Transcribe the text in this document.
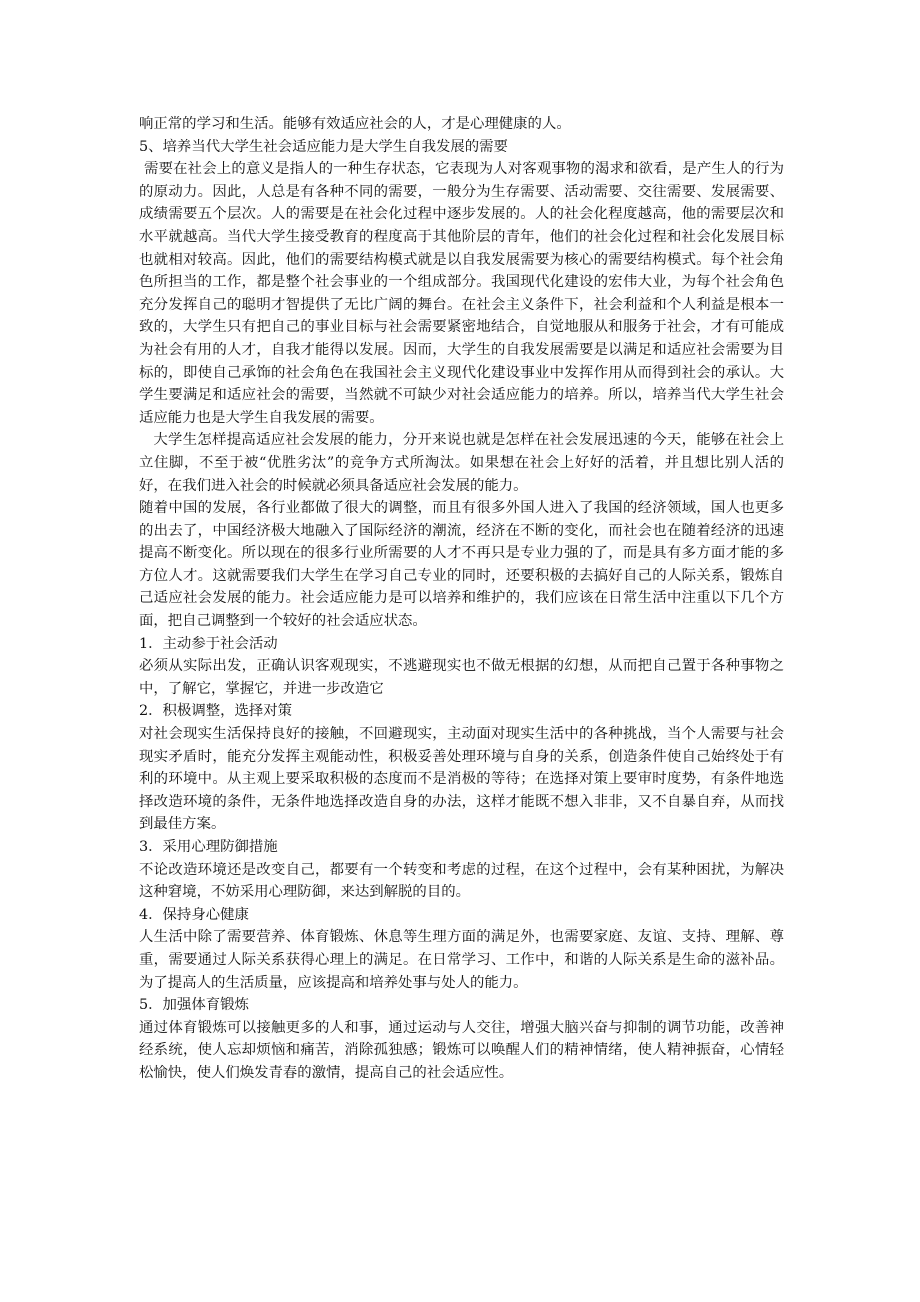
响正常的学习和生活。能够有效适应社会的人，才是心理健康的人。

5、培养当代大学生社会适应能力是大学生自我发展的需要

需要在社会上的意义是指人的一种生存状态，它表现为人对客观事物的渴求和欲看，是产生人的行为的原动力。因此，人总是有各种不同的需要，一般分为生存需要、活动需要、交往需要、发展需要、成绩需要五个层次。人的需要是在社会化过程中逐步发展的。人的社会化程度越高，他的需要层次和水平就越高。当代大学生接受教育的程度高于其他阶层的青年，他们的社会化过程和社会化发展目标也就相对较高。因此，他们的需要结构模式就是以自我发展需要为核心的需要结构模式。每个社会角色所担当的工作，都是整个社会事业的一个组成部分。我国现代化建设的宏伟大业，为每个社会角色充分发挥自己的聪明才智提供了无比广阔的舞台。在社会主义条件下，社会利益和个人利益是根本一致的，大学生只有把自己的事业目标与社会需要紧密地结合，自觉地服从和服务于社会，才有可能成为社会有用的人才，自我才能得以发展。因而，大学生的自我发展需要是以满足和适应社会需要为目标的，即使自己承饰的社会角色在我国社会主义现代化建设事业中发挥作用从而得到社会的承认。大学生要满足和适应社会的需要，当然就不可缺少对社会适应能力的培养。所以，培养当代大学生社会适应能力也是大学生自我发展的需要。

大学生怎样提高适应社会发展的能力，分开来说也就是怎样在社会发展迅速的今天，能够在社会上立住脚，不至于被“优胜劣汰”的竞争方式所淘汰。如果想在社会上好好的活着，并且想比别人活的好，在我们进入社会的时候就必须具备适应社会发展的能力。

随着中国的发展，各行业都做了很大的调整，而且有很多外国人进入了我国的经济领域，国人也更多的出去了，中国经济极大地融入了国际经济的潮流，经济在不断的变化，而社会也在随着经济的迅速提高不断变化。所以现在的很多行业所需要的人才不再只是专业力强的了，而是具有多方面才能的多方位人才。这就需要我们大学生在学习自己专业的同时，还要积极的去搞好自己的人际关系，锻炼自己适应社会发展的能力。社会适应能力是可以培养和维护的，我们应该在日常生活中注重以下几个方面，把自己调整到一个较好的社会适应状态。

1．主动参于社会活动

必须从实际出发，正确认识客观现实，不逃避现实也不做无根据的幻想，从而把自己置于各种事物之中，了解它，掌握它，并进一步改造它

2．积极调整，选择对策

对社会现实生活保持良好的接触，不回避现实，主动面对现实生活中的各种挑战，当个人需要与社会现实矛盾时，能充分发挥主观能动性，积极妥善处理环境与自身的关系，创造条件使自己始终处于有利的环境中。从主观上要采取积极的态度而不是消极的等待；在选择对策上要审时度势，有条件地选择改造环境的条件，无条件地选择改造自身的办法，这样才能既不想入非非，又不自暴自弃，从而找到最佳方案。

3．采用心理防御措施

不论改造环境还是改变自己，都要有一个转变和考虑的过程，在这个过程中，会有某种困扰，为解决这种窘境，不妨采用心理防御，来达到解脱的目的。

4．保持身心健康

人生活中除了需要营养、体育锻炼、休息等生理方面的满足外，也需要家庭、友谊、支持、理解、尊重，需要通过人际关系获得心理上的满足。在日常学习、工作中，和谐的人际关系是生命的滋补品。为了提高人的生活质量，应该提高和培养处事与处人的能力。

5．加强体育锻炼

通过体育锻炼可以接触更多的人和事，通过运动与人交往，增强大脑兴奋与抑制的调节功能，改善神经系统，使人忘却烦恼和痛苦，消除孤独感；锻炼可以唤醒人们的精神情绪，使人精神振奋，心情轻松愉快，使人们焕发青春的激情，提高自己的社会适应性。
